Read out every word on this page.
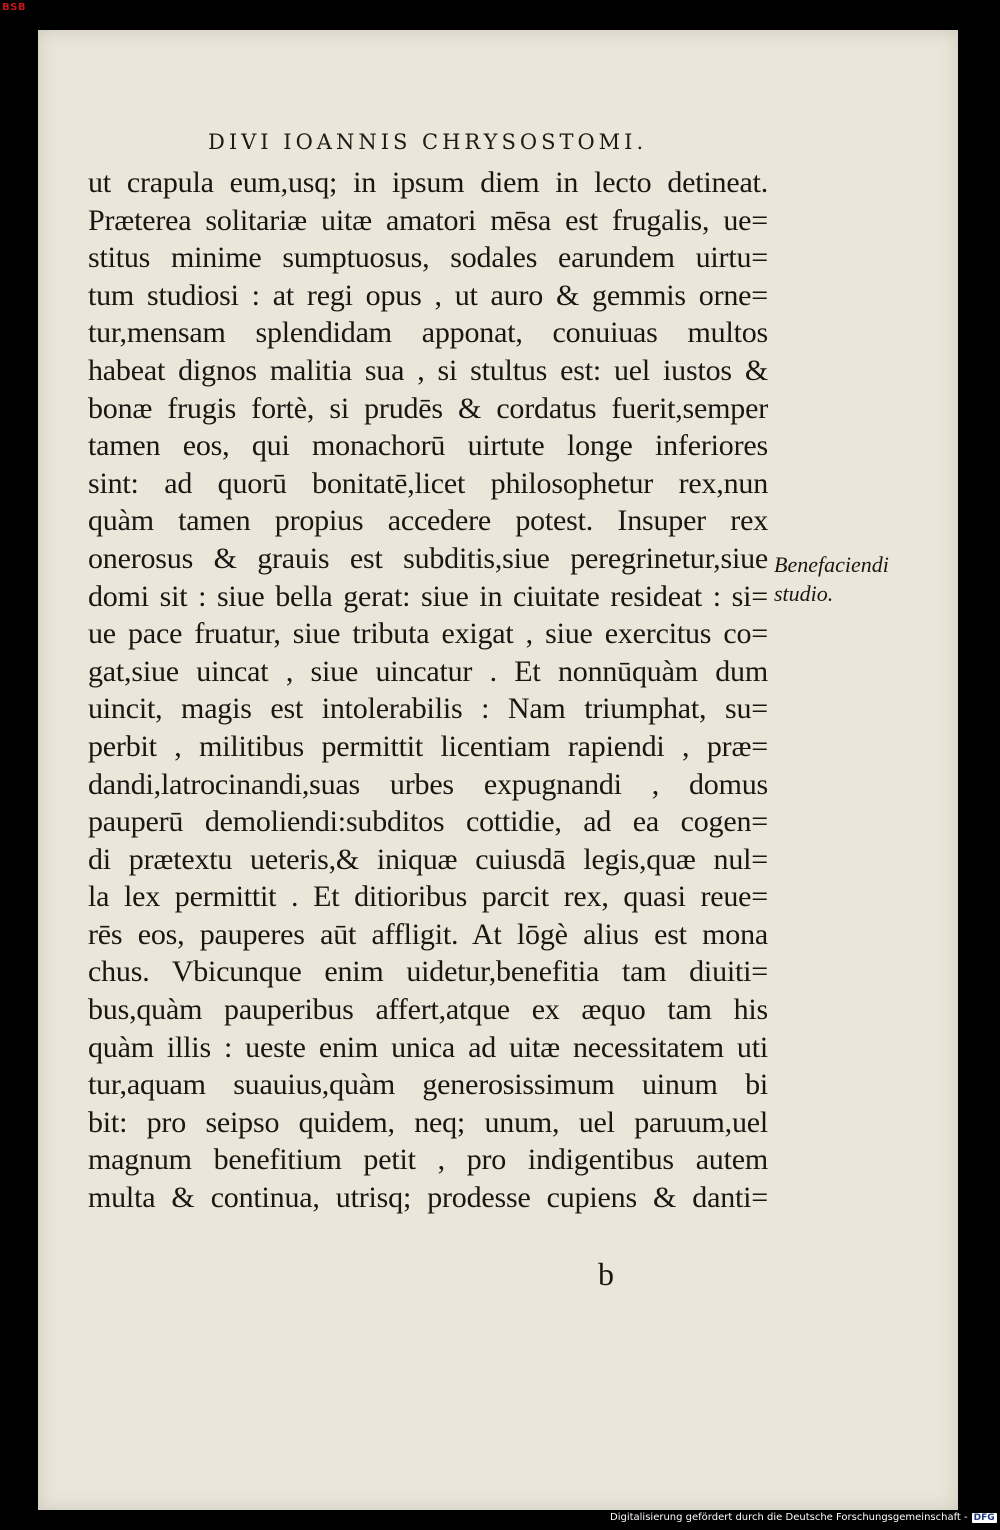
BSB
DIVI IOANNIS CHRYSOSTOMI.
ut crapula eum,usq; in ipsum diem in lecto detineat.
Præterea solitariæ uitæ amatori mēsa est frugalis, ue=
stitus minime sumptuosus, sodales earundem uirtu=
tum studiosi : at regi opus , ut auro & gemmis orne=
tur,mensam splendidam apponat, conuiuas multos
habeat dignos malitia sua , si stultus est: uel iustos &
bonæ frugis fortè, si prudēs & cordatus fuerit,semper
tamen eos, qui monachorū uirtute longe inferiores
sint: ad quorū bonitatē,licet philosophetur rex,nun
quàm tamen propius accedere potest. Insuper rex
onerosus & grauis est subditis,siue peregrinetur,siue
domi sit : siue bella gerat: siue in ciuitate resideat : si=
ue pace fruatur, siue tributa exigat , siue exercitus co=
gat,siue uincat , siue uincatur . Et nonnūquàm dum
uincit, magis est intolerabilis : Nam triumphat, su=
perbit , militibus permittit licentiam rapiendi , præ=
dandi,latrocinandi,suas urbes expugnandi , domus
pauperū demoliendi:subditos cottidie, ad ea cogen=
di prætextu ueteris,& iniquæ cuiusdā legis,quæ nul=
la lex permittit . Et ditioribus parcit rex, quasi reue=
rēs eos, pauperes aūt affligit. At lōgè alius est mona
chus. Vbicunque enim uidetur,benefitia tam diuiti=
bus,quàm pauperibus affert,atque ex æquo tam his
quàm illis : ueste enim unica ad uitæ necessitatem uti
tur,aquam suauius,quàm generosissimum uinum bi
bit: pro seipso quidem, neq; unum, uel paruum,uel
magnum benefitium petit , pro indigentibus autem
multa & continua, utrisq; prodesse cupiens & danti=
Benefaciendi
studio.
b
Digitalisierung gefördert durch die Deutsche Forschungsgemeinschaft - DFG
